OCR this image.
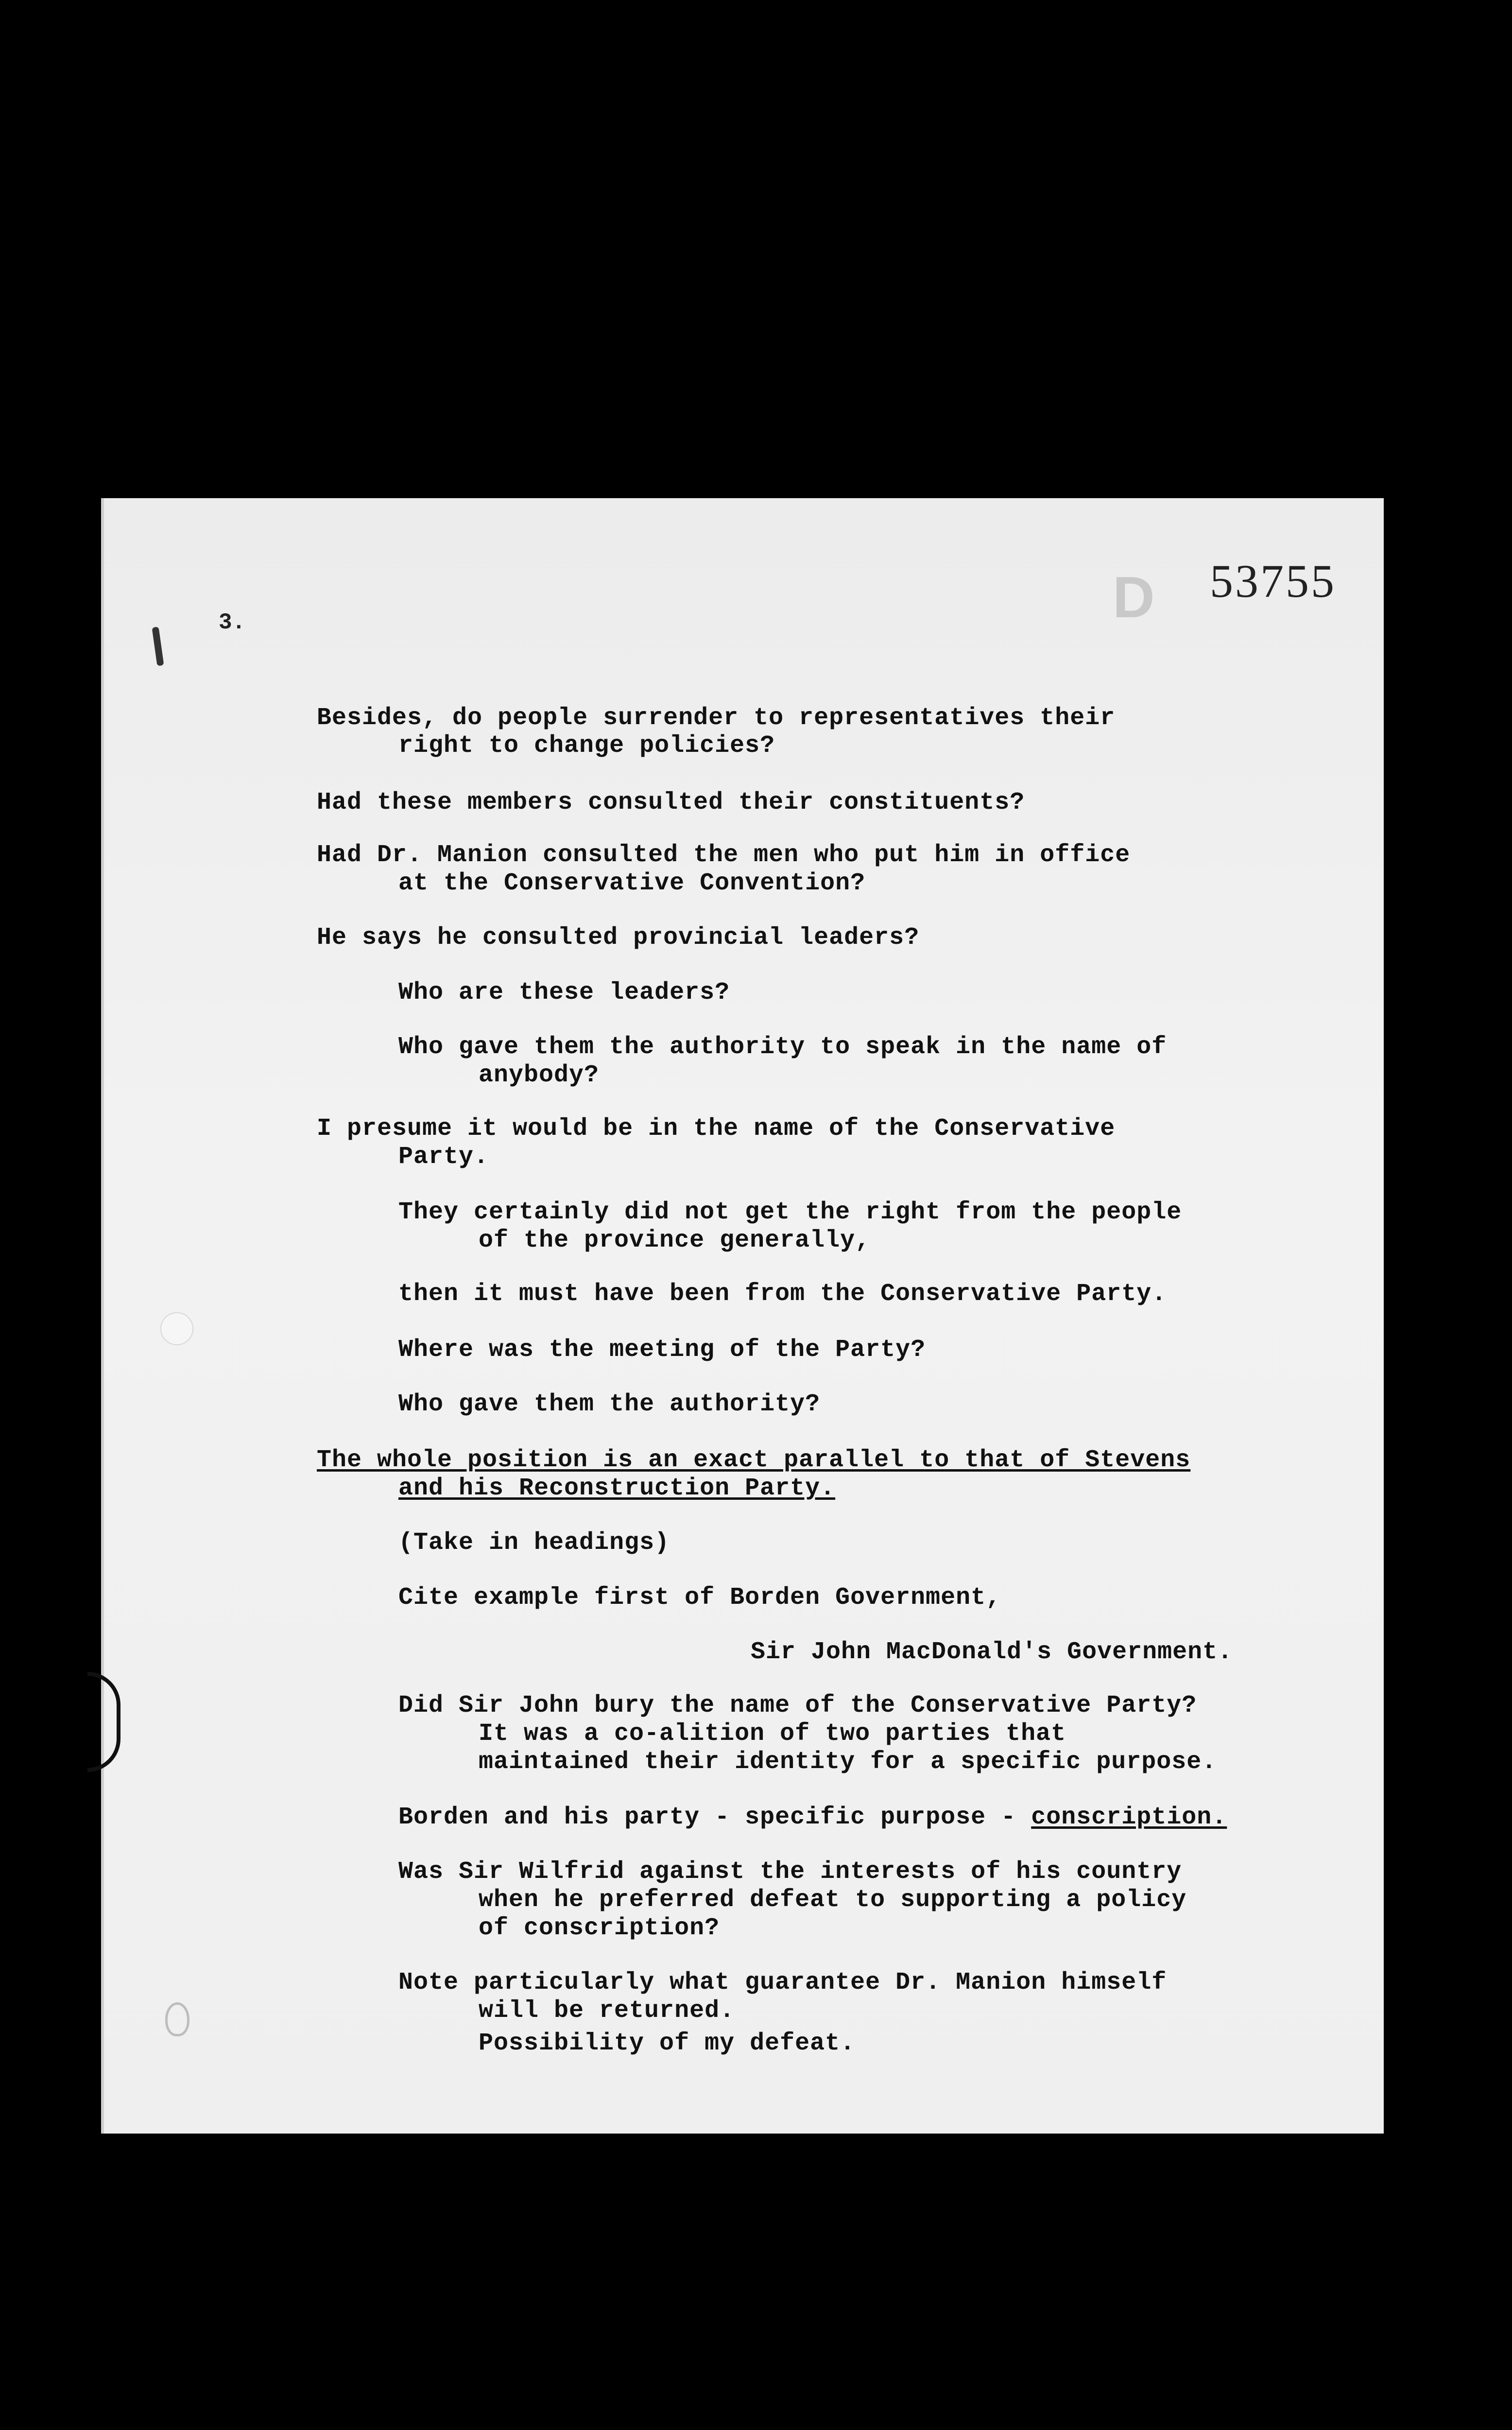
D 53755
3.
Besides, do people surrender to representatives their
right to change policies?
Had these members consulted their constituents?
Had Dr. Manion consulted the men who put him in office
at the Conservative Convention?
He says he consulted provincial leaders?
Who are these leaders?
Who gave them the authority to speak in the name of
anybody?
I presume it would be in the name of the Conservative
Party.
They certainly did not get the right from the people
of the province generally,
then it must have been from the Conservative Party.
Where was the meeting of the Party?
Who gave them the authority?
The whole position is an exact parallel to that of Stevens
and his Reconstruction Party.
(Take in headings)
Cite example first of Borden Government,
Sir John MacDonald's Government.
Did Sir John bury the name of the Conservative Party?
It was a co-alition of two parties that
maintained their identity for a specific purpose.
Borden and his party - specific purpose - conscription.
Was Sir Wilfrid against the interests of his country
when he preferred defeat to supporting a policy
of conscription?
Note particularly what guarantee Dr. Manion himself
will be returned.
Possibility of my defeat.
